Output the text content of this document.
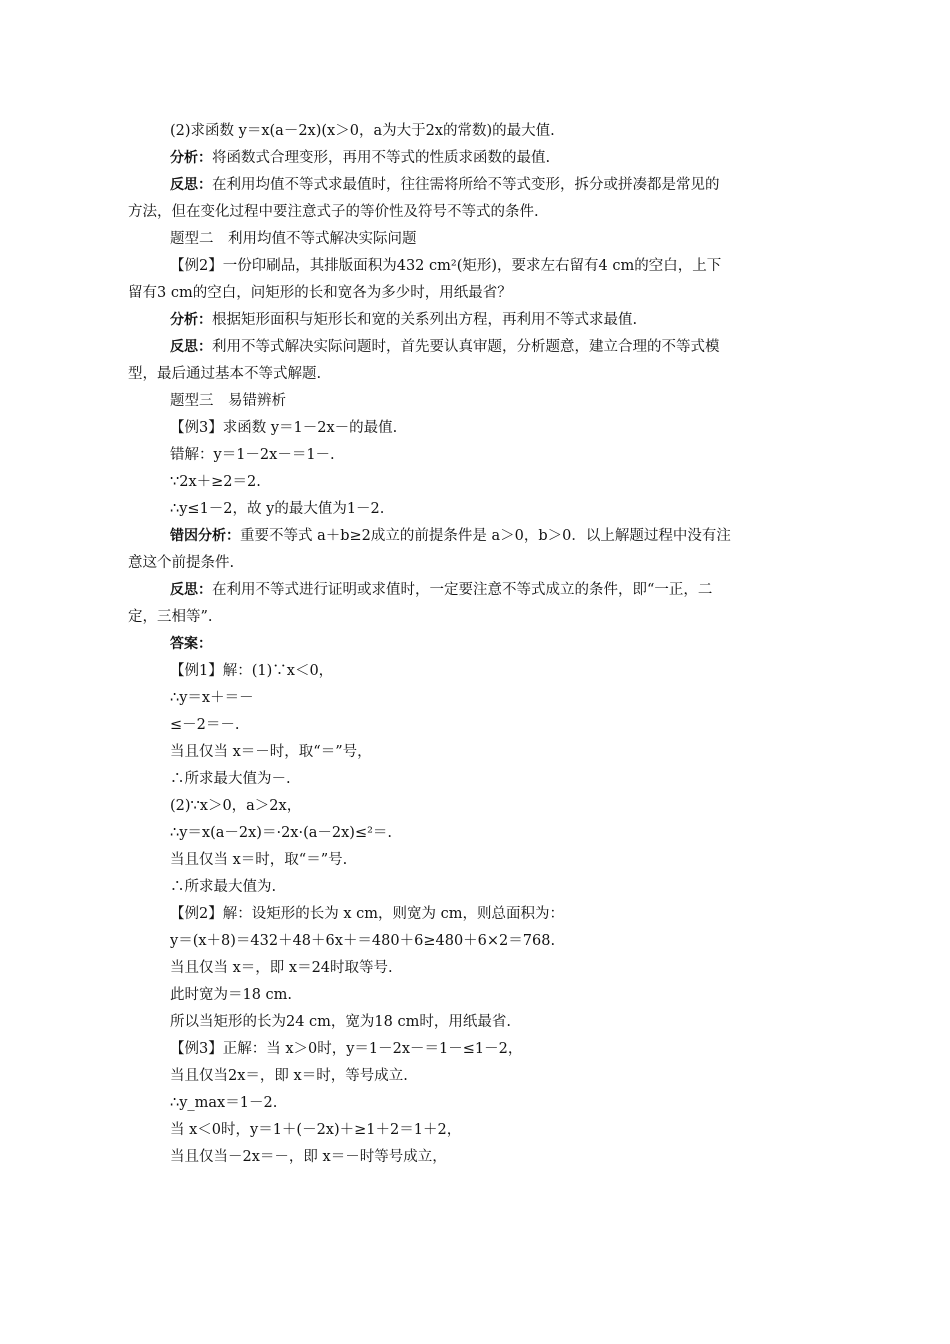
(2)求函数 y＝x(a－2x)(x＞0，a为大于2x的常数)的最大值.
分析：将函数式合理变形，再用不等式的性质求函数的最值.
反思：在利用均值不等式求最值时，往往需将所给不等式变形，拆分或拼凑都是常见的
方法，但在变化过程中要注意式子的等价性及符号不等式的条件.
题型二　利用均值不等式解决实际问题
【例2】一份印刷品，其排版面积为432 cm²(矩形)，要求左右留有4 cm的空白，上下
留有3 cm的空白，问矩形的长和宽各为多少时，用纸最省？
分析：根据矩形面积与矩形长和宽的关系列出方程，再利用不等式求最值.
反思：利用不等式解决实际问题时，首先要认真审题，分析题意，建立合理的不等式模
型，最后通过基本不等式解题.
题型三　易错辨析
【例3】求函数 y＝1－2x－的最值.
错解：y＝1－2x－＝1－.
∵2x＋≥2＝2.
∴y≤1－2，故 y的最大值为1－2.
错因分析：重要不等式 a＋b≥2成立的前提条件是 a＞0，b＞0．以上解题过程中没有注
意这个前提条件.
反思：在利用不等式进行证明或求值时，一定要注意不等式成立的条件，即“一正，二
定，三相等”.
答案：
【例1】解：(1)∵x＜0，
∴y＝x＋＝－
≤－2＝－.
当且仅当 x＝－时，取“＝”号，
∴所求最大值为－.
(2)∵x＞0，a＞2x，
∴y＝x(a－2x)＝·2x·(a－2x)≤²＝.
当且仅当 x＝时，取“＝”号.
∴所求最大值为.
【例2】解：设矩形的长为 x cm，则宽为 cm，则总面积为：
y＝(x＋8)＝432＋48＋6x＋＝480＋6≥480＋6×2＝768.
当且仅当 x＝，即 x＝24时取等号.
此时宽为＝18 cm.
所以当矩形的长为24 cm，宽为18 cm时，用纸最省.
【例3】正解：当 x＞0时，y＝1－2x－＝1－≤1－2，
当且仅当2x＝，即 x＝时，等号成立.
∴y_max＝1－2.
当 x＜0时，y＝1＋(－2x)＋≥1＋2＝1＋2，
当且仅当－2x＝－，即 x＝－时等号成立，
